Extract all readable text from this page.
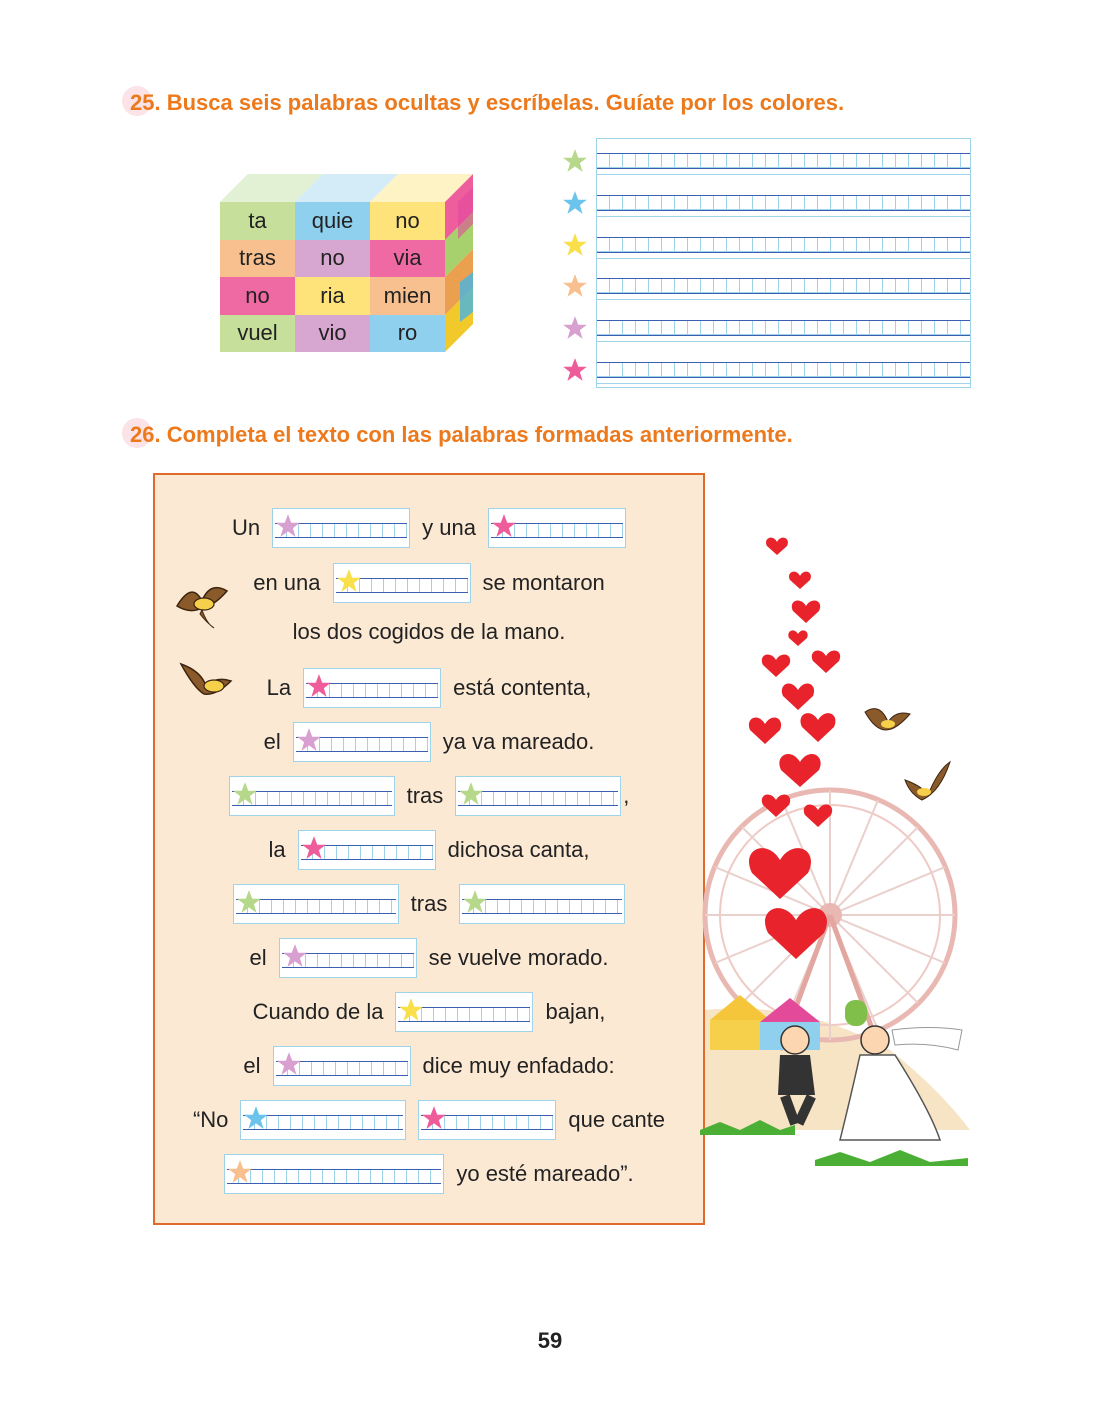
25. Busca seis palabras ocultas y escríbelas. Guíate por los colores.
ta	quie	no
tras	no	via
no	ria	mien
vuel	vio	ro
26. Completa el texto con las palabras formadas anteriormente.
Un	y una
en una	se montaron
los dos cogidos de la mano.
La	está contenta,
el	ya va mareado.
tras	,
la	dichosa canta,
tras
el	se vuelve morado.
Cuando de la	bajan,
el	dice muy enfadado:
“No	que cante
yo esté mareado”.
59
